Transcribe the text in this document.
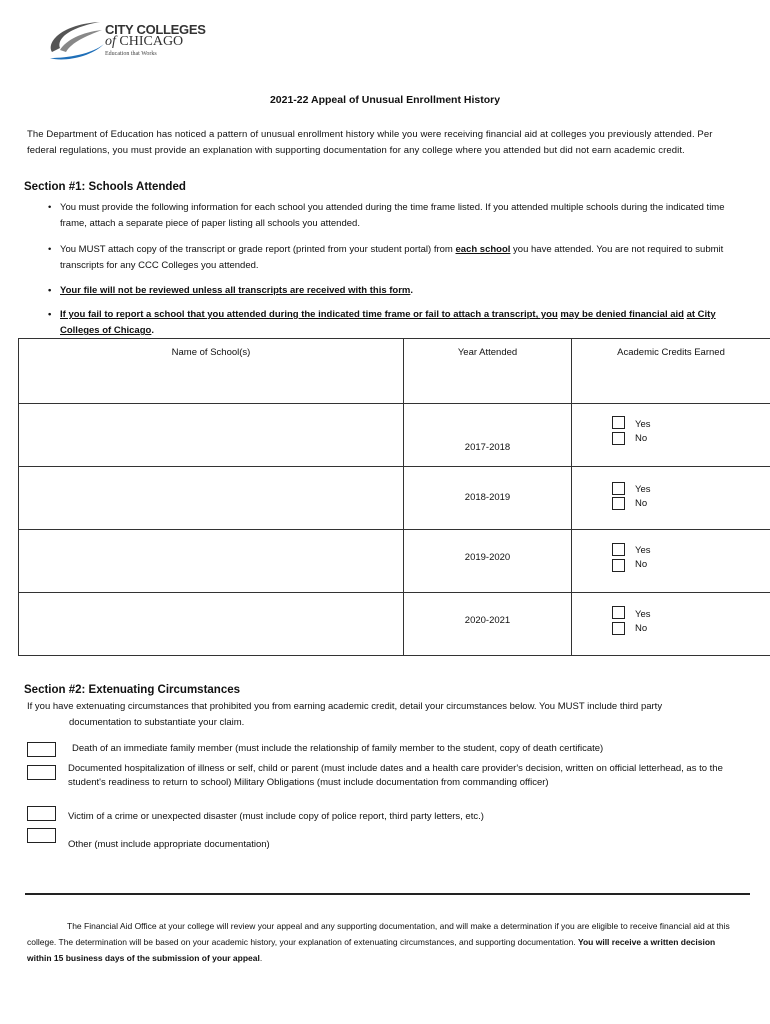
CITY COLLEGES
of CHICAGO
Education that Works
2021-22 Appeal of Unusual Enrollment History
The Department of Education has noticed a pattern of unusual enrollment history while you were receiving financial aid at colleges you previously attended. Per federal regulations, you must provide an explanation with supporting documentation for any college where you attended but did not earn academic credit.
Section #1: Schools Attended
• You must provide the following information for each school you attended during the time frame listed. If you attended multiple schools during the indicated time frame, attach a separate piece of paper listing all schools you attended.
• You MUST attach copy of the transcript or grade report (printed from your student portal) from each school you have attended. You are not required to submit transcripts for any CCC Colleges you attended.
• Your file will not be reviewed unless all transcripts are received with this form.
• If you fail to report a school that you attended during the indicated time frame or fail to attach a transcript, you may be denied financial aid at City Colleges of Chicago.
Name of School(s)	Year Attended	Academic Credits Earned

	2017-2018	Yes
No

	2018-2019	Yes
No

	2019-2020	Yes
No

	2020-2021	Yes
No
Section #2: Extenuating Circumstances
If you have extenuating circumstances that prohibited you from earning academic credit, detail your circumstances below. You MUST include third party
documentation to substantiate your claim.
Death of an immediate family member (must include the relationship of family member to the student, copy of death certificate)
Documented hospitalization of illness or self, child or parent (must include dates and a health care provider's decision, written on official letterhead, as to the student's readiness to return to school) Military Obligations (must include documentation from commanding officer)
Victim of a crime or unexpected disaster (must include copy of police report, third party letters, etc.)
Other (must include appropriate documentation)
The Financial Aid Office at your college will review your appeal and any supporting documentation, and will make a determination if you are eligible to receive financial aid at this college. The determination will be based on your academic history, your explanation of extenuating circumstances, and supporting documentation. You will receive a written decision within 15 business days of the submission of your appeal.
